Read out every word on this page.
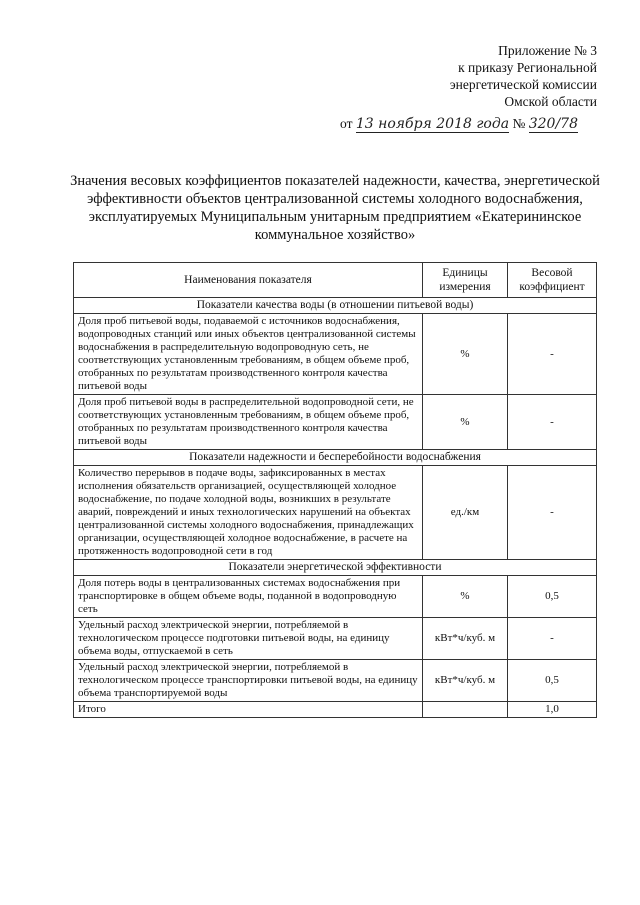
Приложение № 3
к приказу Региональной
энергетической комиссии
Омской области
от 13 ноября 2018 года № 320/78
Значения весовых коэффициентов показателей надежности, качества, энергетической эффективности объектов централизованной системы холодного водоснабжения, эксплуатируемых Муниципальным унитарным предприятием «Екатерининское коммунальное хозяйство»
Наименования показателя	Единицы измерения	Весовой коэффициент
Показатели качества воды (в отношении питьевой воды)		
Доля проб питьевой воды, подаваемой с источников водоснабжения, водопроводных станций или иных объектов централизованной системы водоснабжения в распределительную водопроводную сеть, не соответствующих установленным требованиям, в общем объеме проб, отобранных по результатам производственного контроля качества питьевой воды	%	-
Доля проб питьевой воды в распределительной водопроводной сети, не соответствующих установленным требованиям, в общем объеме проб, отобранных по результатам производственного контроля качества питьевой воды	%	-
Показатели надежности и бесперебойности водоснабжения		
Количество перерывов в подаче воды, зафиксированных в местах исполнения обязательств организацией, осуществляющей холодное водоснабжение, по подаче холодной воды, возникших в результате аварий, повреждений и иных технологических нарушений на объектах централизованной системы холодного водоснабжения, принадлежащих организации, осуществляющей холодное водоснабжение, в расчете на протяженность водопроводной сети в год	ед./км	-
Показатели энергетической эффективности		
Доля потерь воды в централизованных системах водоснабжения при транспортировке в общем объеме воды, поданной в водопроводную сеть	%	0,5
Удельный расход электрической энергии, потребляемой в технологическом процессе подготовки питьевой воды, на единицу объема воды, отпускаемой в сеть	кВт*ч/куб. м	-
Удельный расход электрической энергии, потребляемой в технологическом процессе транспортировки питьевой воды, на единицу объема транспортируемой воды	кВт*ч/куб. м	0,5
Итого		1,0
